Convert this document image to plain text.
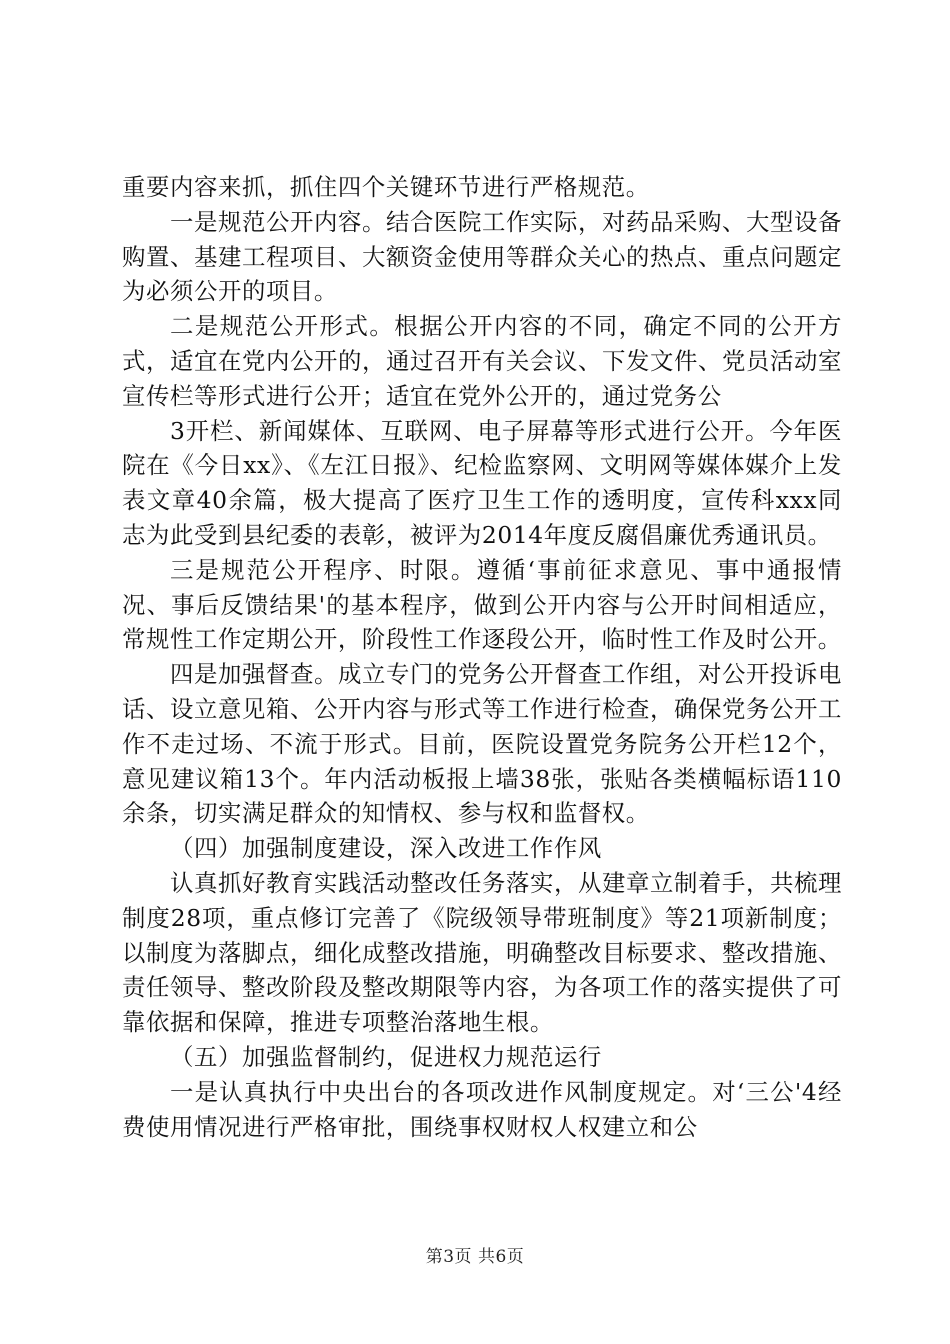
重要内容来抓，抓住四个关键环节进行严格规范。

一是规范公开内容。结合医院工作实际，对药品采购、大型设备购置、基建工程项目、大额资金使用等群众关心的热点、重点问题定为必须公开的项目。

二是规范公开形式。根据公开内容的不同，确定不同的公开方式，适宜在党内公开的，通过召开有关会议、下发文件、党员活动室宣传栏等形式进行公开；适宜在党外公开的，通过党务公

3开栏、新闻媒体、互联网、电子屏幕等形式进行公开。今年医院在《今日xx》、《左江日报》、纪检监察网、文明网等媒体媒介上发表文章40余篇，极大提高了医疗卫生工作的透明度，宣传科xxx同志为此受到县纪委的表彰，被评为2014年度反腐倡廉优秀通讯员。

三是规范公开程序、时限。遵循‘事前征求意见、事中通报情况、事后反馈结果'的基本程序，做到公开内容与公开时间相适应，常规性工作定期公开，阶段性工作逐段公开，临时性工作及时公开。

四是加强督查。成立专门的党务公开督查工作组，对公开投诉电话、设立意见箱、公开内容与形式等工作进行检查，确保党务公开工作不走过场、不流于形式。目前，医院设置党务院务公开栏12个，意见建议箱13个。年内活动板报上墙38张，张贴各类横幅标语110余条，切实满足群众的知情权、参与权和监督权。

（四）加强制度建设，深入改进工作作风

认真抓好教育实践活动整改任务落实，从建章立制着手，共梳理制度28项，重点修订完善了《院级领导带班制度》等21项新制度；以制度为落脚点，细化成整改措施，明确整改目标要求、整改措施、责任领导、整改阶段及整改期限等内容，为各项工作的落实提供了可靠依据和保障，推进专项整治落地生根。

（五）加强监督制约，促进权力规范运行

一是认真执行中央出台的各项改进作风制度规定。对‘三公'4经费使用情况进行严格审批，围绕事权财权人权建立和公

第3页 共6页
